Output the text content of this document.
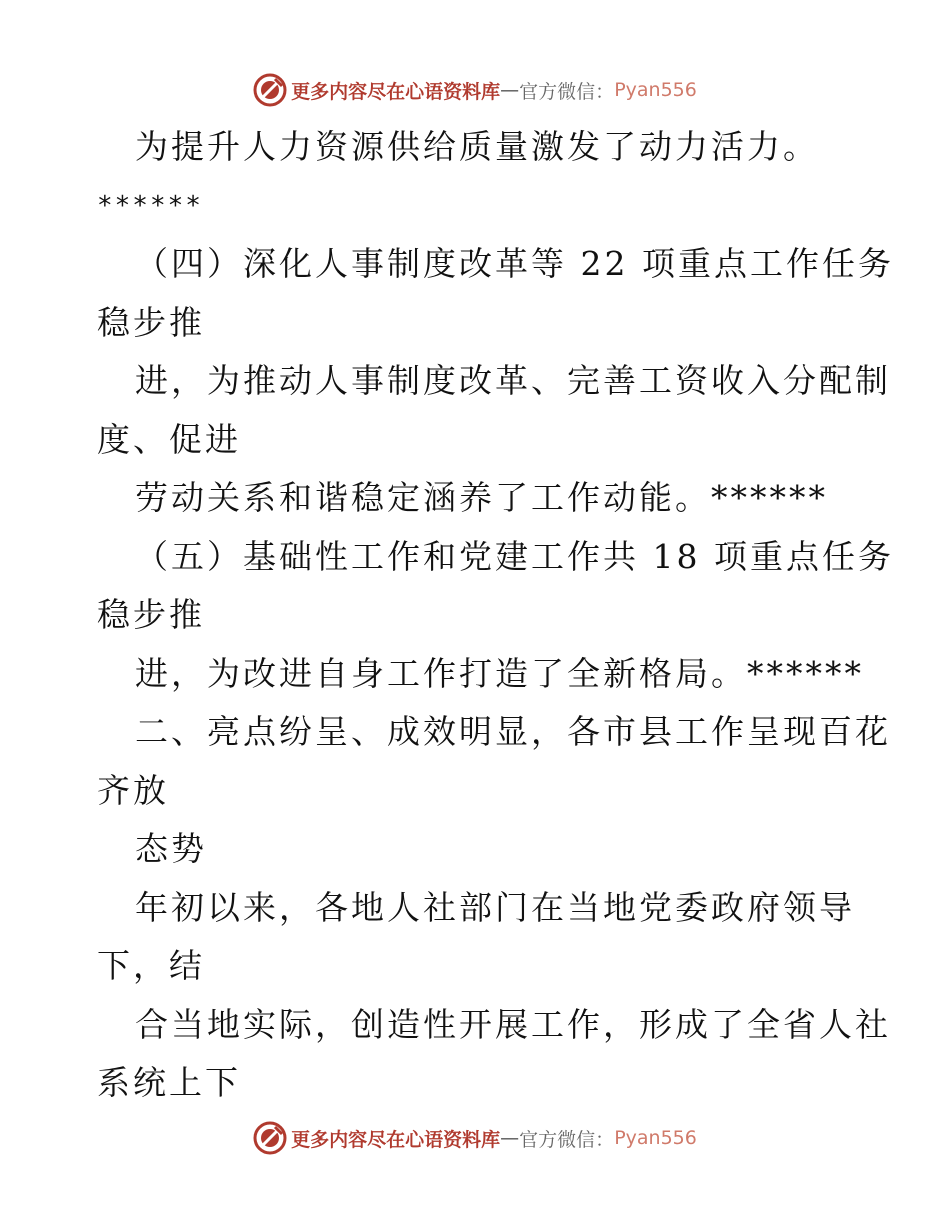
更多内容尽在心语资料库 — 官方微信： Pyan556
为提升人力资源供给质量激发了动力活力。
******
（四）深化人事制度改革等 22 项重点工作任务
稳步推
进，为推动人事制度改革、完善工资收入分配制
度、促进
劳动关系和谐稳定涵养了工作动能。******
（五）基础性工作和党建工作共 18 项重点任务
稳步推
进，为改进自身工作打造了全新格局。******
二、亮点纷呈、成效明显，各市县工作呈现百花
齐放
态势
年初以来，各地人社部门在当地党委政府领导
下，结
合当地实际，创造性开展工作，形成了全省人社
系统上下
更多内容尽在心语资料库 — 官方微信： Pyan556
